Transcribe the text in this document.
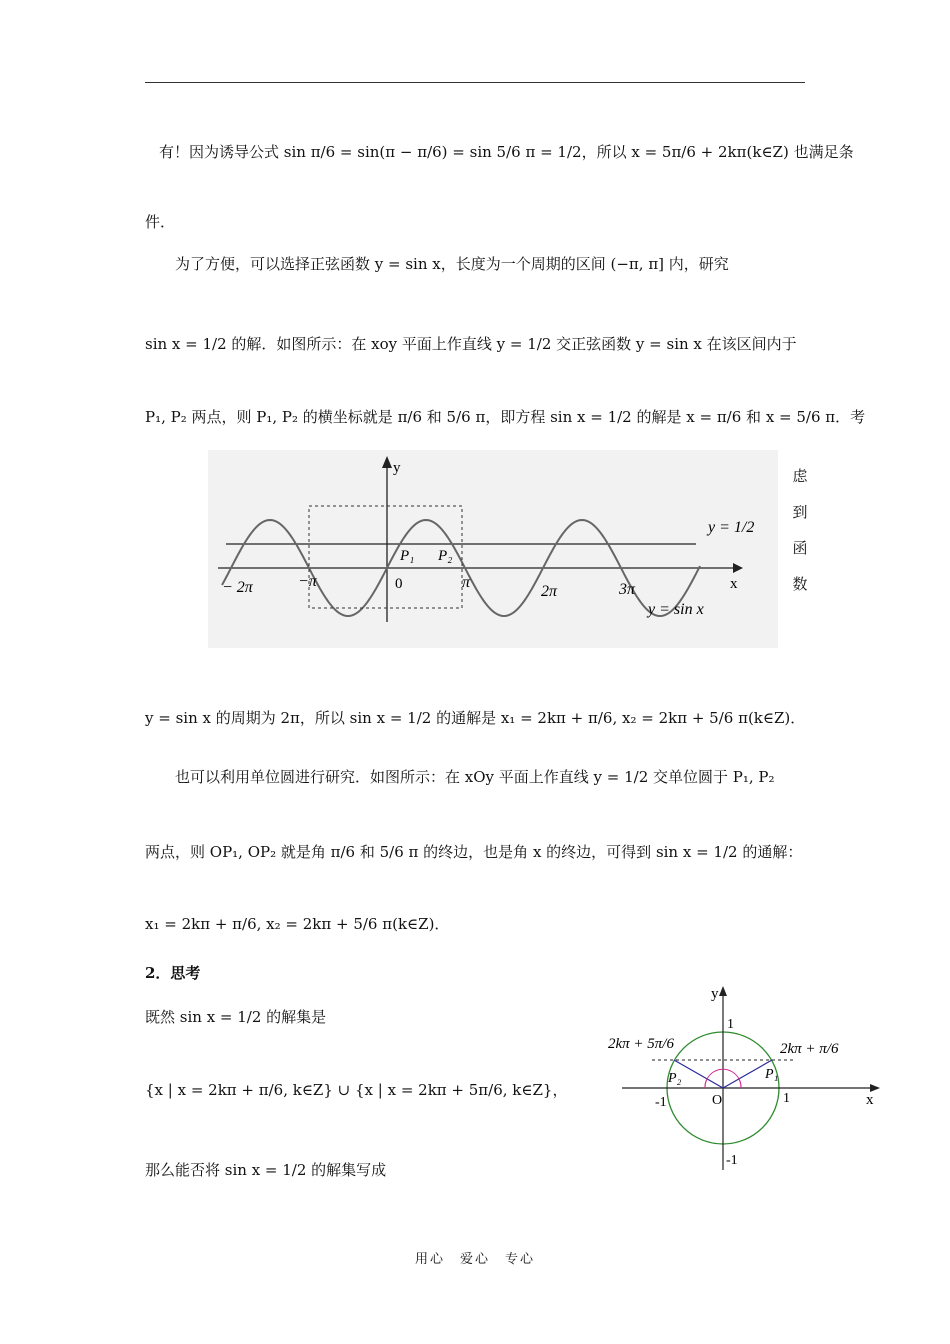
有！因为诱导公式 sin π/6 = sin(π − π/6) = sin 5/6 π = 1/2，所以 x = 5π/6 + 2kπ(k∈Z) 也满足条
件．
为了方便，可以选择正弦函数 y = sin x，长度为一个周期的区间 (−π, π] 内，研究
sin x = 1/2 的解．如图所示：在 xoy 平面上作直线 y = 1/2 交正弦函数 y = sin x 在该区间内于
P₁, P₂ 两点，则 P₁, P₂ 的横坐标就是 π/6 和 5/6 π，即方程 sin x = 1/2 的解是 x = π/6 和 x = 5/6 π．考
虑
到
函
数
y
x
y = 1/2
y = sin x
− 2π	−π	0	π
2π	3π
P₁ P₂
y = sin x 的周期为 2π，所以 sin x = 1/2 的通解是 x₁ = 2kπ + π/6, x₂ = 2kπ + 5/6 π(k∈Z)．
也可以利用单位圆进行研究．如图所示：在 xOy 平面上作直线 y = 1/2 交单位圆于 P₁, P₂
两点，则 OP₁, OP₂ 就是角 π/6 和 5/6 π 的终边，也是角 x 的终边，可得到 sin x = 1/2 的通解：
x₁ = 2kπ + π/6, x₂ = 2kπ + 5/6 π(k∈Z)．
2．思考
既然 sin x = 1/2 的解集是
{x | x = 2kπ + π/6, k∈Z} ∪ {x | x = 2kπ + 5π/6, k∈Z}，
那么能否将 sin x = 1/2 的解集写成
y
x
2kπ + 5π/6	2kπ + π/6
1
-1	O	1
-1
P₂	P₁
用心　爱心　专心
